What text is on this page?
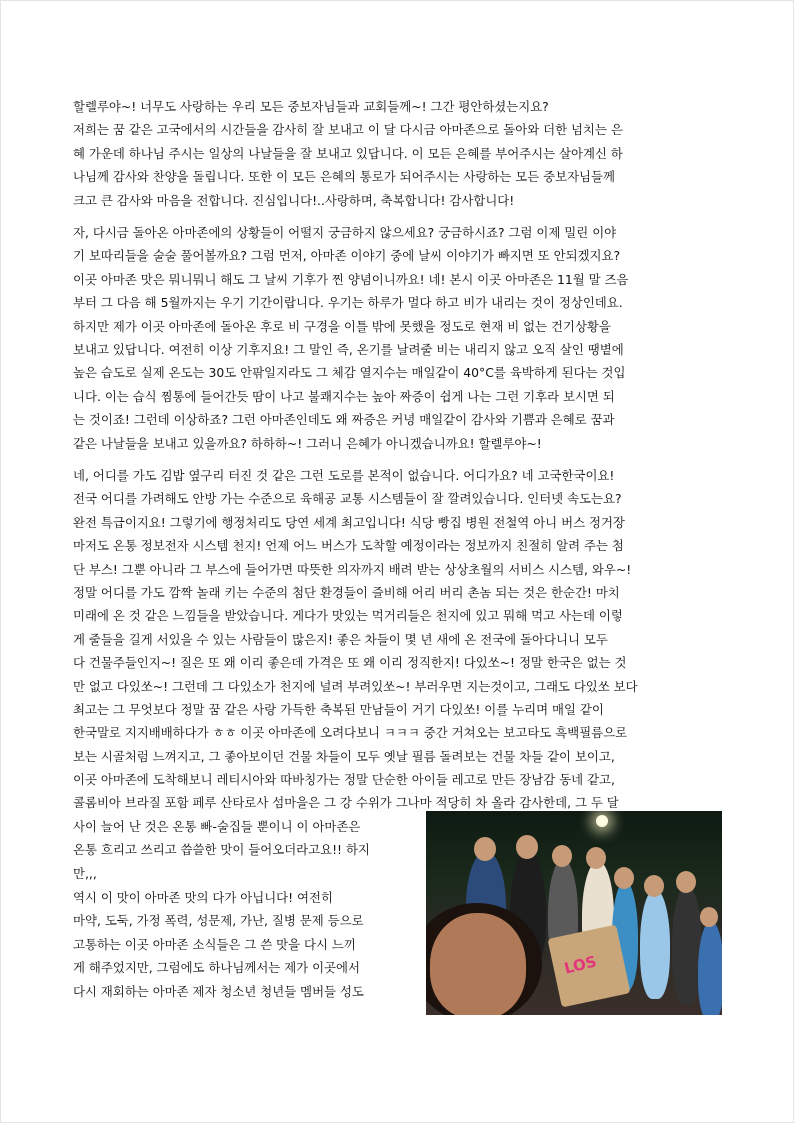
할렐루야~! 너무도 사랑하는 우리 모든 중보자님들과 교회들께~! 그간 평안하셨는지요?
저희는 꿈 같은 고국에서의 시간들을 감사히 잘 보내고 이 달 다시금 아마존으로 돌아와 더한 넘치는 은
혜 가운데 하나님 주시는 일상의 나날들을 잘 보내고 있답니다. 이 모든 은혜를 부어주시는 살아계신 하
나님께 감사와 찬양을 돌립니다. 또한 이 모든 은혜의 통로가 되어주시는 사랑하는 모든 중보자님들께
크고 큰 감사와 마음을 전합니다. 진심입니다!..사랑하며, 축복합니다! 감사합니다!
자, 다시금 돌아온 아마존에의 상황들이 어떨지 궁금하지 않으세요? 궁금하시죠? 그럼 이제 밀린 이야
기 보따리들을 술술 풀어볼까요? 그럼 먼저, 아마존 이야기 중에 날씨 이야기가 빠지면 또 안되겠지요?
이곳 아마존 맛은 뭐니뭐니 해도 그 날씨 기후가 찐 양념이니까요! 네! 본시 이곳 아마존은 11월 말 즈음
부터 그 다음 해 5월까지는 우기 기간이랍니다. 우기는 하루가 멀다 하고 비가 내리는 것이 정상인데요.
하지만 제가 이곳 아마존에 돌아온 후로 비 구경을 이틀 밖에 못했을 정도로 현재 비 없는 건기상황을
보내고 있답니다. 여전히 이상 기후지요! 그 말인 즉, 온기를 날려줄 비는 내리지 않고 오직 살인 땡볕에
높은 습도로 실제 온도는 30도 안팎일지라도 그 체감 열지수는 매일같이 40°C를 육박하게 된다는 것입
니다. 이는 습식 찜통에 들어간듯 땀이 나고 불쾌지수는 높아 짜증이 쉽게 나는 그런 기후라 보시면 되
는 것이죠! 그런데 이상하죠? 그런 아마존인데도 왜 짜증은 커녕 매일같이 감사와 기쁨과 은혜로 꿈과
같은 나날들을 보내고 있을까요? 하하하~! 그러니 은혜가 아니겠습니까요! 할렐루야~!
네, 어디를 가도 김밥 옆구리 터진 것 같은 그런 도로를 본적이 없습니다. 어디가요? 네 고국한국이요!
전국 어디를 가려해도 안방 가는 수준으로 육해공 교통 시스템들이 잘 깔려있습니다. 인터넷 속도는요?
완전 특급이지요! 그렇기에 행정처리도 당연 세계 최고입니다! 식당 빵집 병원 전철역 아니 버스 정거장
마저도 온통 정보전자 시스템 천지! 언제 어느 버스가 도착할 예정이라는 정보까지 친절히 알려 주는 첨
단 부스! 그뿐 아니라 그 부스에 들어가면 따뜻한 의자까지 배려 받는 상상초월의 서비스 시스템, 와우~!
정말 어디를 가도 깜짝 놀래 키는 수준의 첨단 환경들이 즐비해 어리 버리 촌놈 되는 것은 한순간! 마치
미래에 온 것 같은 느낌들을 받았습니다. 게다가 맛있는 먹거리들은 천지에 있고 뭐해 먹고 사는데 이렇
게 줄들을 길게 서있을 수 있는 사람들이 많은지! 좋은 차들이 몇 년 새에 온 전국에 돌아다니니 모두
다 건물주들인지~! 질은 또 왜 이리 좋은데 가격은 또 왜 이리 정직한지! 다있쏘~! 정말 한국은 없는 것
만 없고 다있쏘~! 그런데 그 다있소가 천지에 널려 부려있쏘~! 부러우면 지는것이고, 그래도 다있쏘 보다
최고는 그 무엇보다 정말 꿈 같은 사랑 가득한 축복된 만남들이 거기 다있쏘! 이를 누리며 매일 같이
한국말로 지지배배하다가 ㅎㅎ 이곳 아마존에 오려다보니 ㅋㅋㅋ 중간 거쳐오는 보고타도 흑백필름으로
보는 시골처럼 느껴지고, 그 좋아보이던 건물 차들이 모두 옛날 필름 돌려보는 건물 차들 같이 보이고,
이곳 아마존에 도착해보니 레티시아와 따바칭가는 정말 단순한 아이들 레고로 만든 장남감 동네 같고,
콜롬비아 브라질 포함 페루 산타로사 섬마을은 그 강 수위가 그나마 적당히 차 올라 감사한데, 그 두 달
사이 늘어 난 것은 온통 빠-술집들 뿐이니 이 아마존은
온통 흐리고 쓰리고 씁쓸한 맛이 들어오더라고요!! 하지
만,,,
역시 이 맛이 아마존 맛의 다가 아닙니다! 여전히
마약, 도둑, 가정 폭력, 성문제, 가난, 질병 문제 등으로
고통하는 이곳 아마존 소식들은 그 쓴 맛을 다시 느끼
게 해주었지만, 그럼에도 하나님께서는 제가 이곳에서
다시 재회하는 아마존 제자 청소년 청년들 멤버들 성도
LOS
